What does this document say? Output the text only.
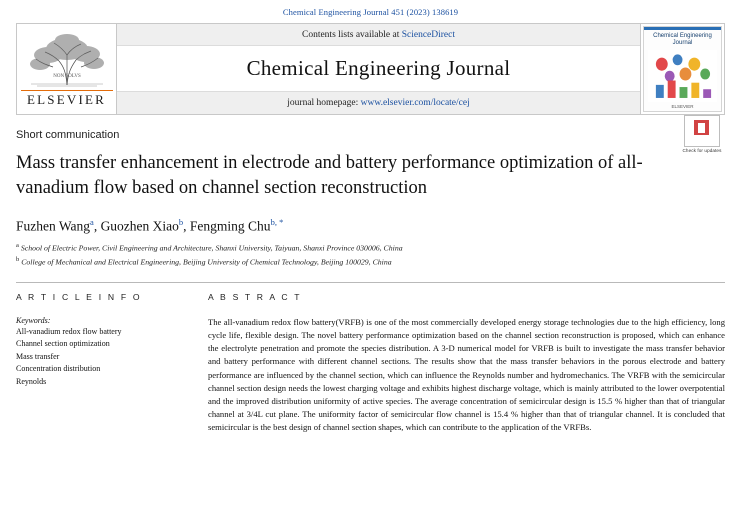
Chemical Engineering Journal 451 (2023) 138619
NON SOLVS
ELSEVIER
Contents lists available at ScienceDirect
Chemical Engineering Journal
journal homepage: www.elsevier.com/locate/cej
Chemical Engineering Journal
ELSEVIER
Short communication
Mass transfer enhancement in electrode and battery performance optimization of all-vanadium flow based on channel section reconstruction
Check for updates
Fuzhen Wang$^a$, Guozhen Xiao$^b$, Fengming Chu$^{b, *}$
$^a$ School of Electric Power, Civil Engineering and Architecture, Shanxi University, Taiyuan, Shanxi Province 030006, China
$^b$ College of Mechanical and Electrical Engineering, Beijing University of Chemical Technology, Beijing 100029, China
A R T I C L E I N F O
Keywords:
All-vanadium redox flow battery
Channel section optimization
Mass transfer
Concentration distribution
Reynolds
A B S T R A C T
The all-vanadium redox flow battery(VRFB) is one of the most commercially developed energy storage technologies due to the high efficiency, long cycle life, flexible design. The novel battery performance optimization based on the channel section reconstruction is proposed, which can enhance the electrolyte penetration and promote the species distribution. A 3-D numerical model for VRFB is built to investigate the mass transfer behavior and battery performance with different channel sections. The results show that the mass transfer behaviors in the porous electrode and battery performance are influenced by the channel section, which can influence the Reynolds number and hydromechanics. The VRFB with the semicircular channel section design needs the lowest charging voltage and exhibits highest discharge voltage, which is mainly attributed to the lower overpotential and the improved distribution uniformity of active species. The average concentration of semicircular design is 15.5 % higher than that of triangular channel at 3/4L cut plane. The uniformity factor of semicircular flow channel is 15.4 % higher than that of triangular channel. It is concluded that semicircular is the best design of channel section shapes, which can contribute to the application of the VRFBs.
